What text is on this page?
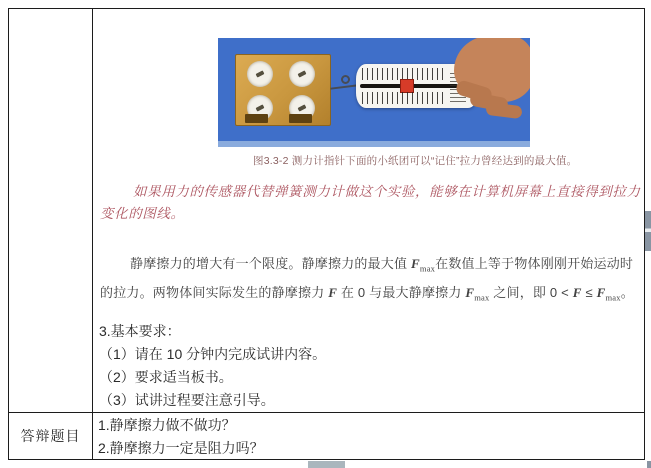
图3.3-2 测力计指针下面的小纸团可以“记住”拉力曾经达到的最大值。
如果用力的传感器代替弹簧测力计做这个实验，能够在计算机屏幕上直接得到拉力
变化的图线。

静摩擦力的增大有一个限度。静摩擦力的最大值 $F_{max}$在数值上等于物体刚刚开始运动时的拉力。两物体间实际发生的静摩擦力 F 在 0 与最大静摩擦力 $F_{max}$ 之间，即 $0 < F \le F_{max}$。

3.基本要求：
（1）请在 10 分钟内完成试讲内容。
（2）要求适当板书。
（3）试讲过程要注意引导。
答辩题目
1.静摩擦力做不做功？
2.静摩擦力一定是阻力吗？
